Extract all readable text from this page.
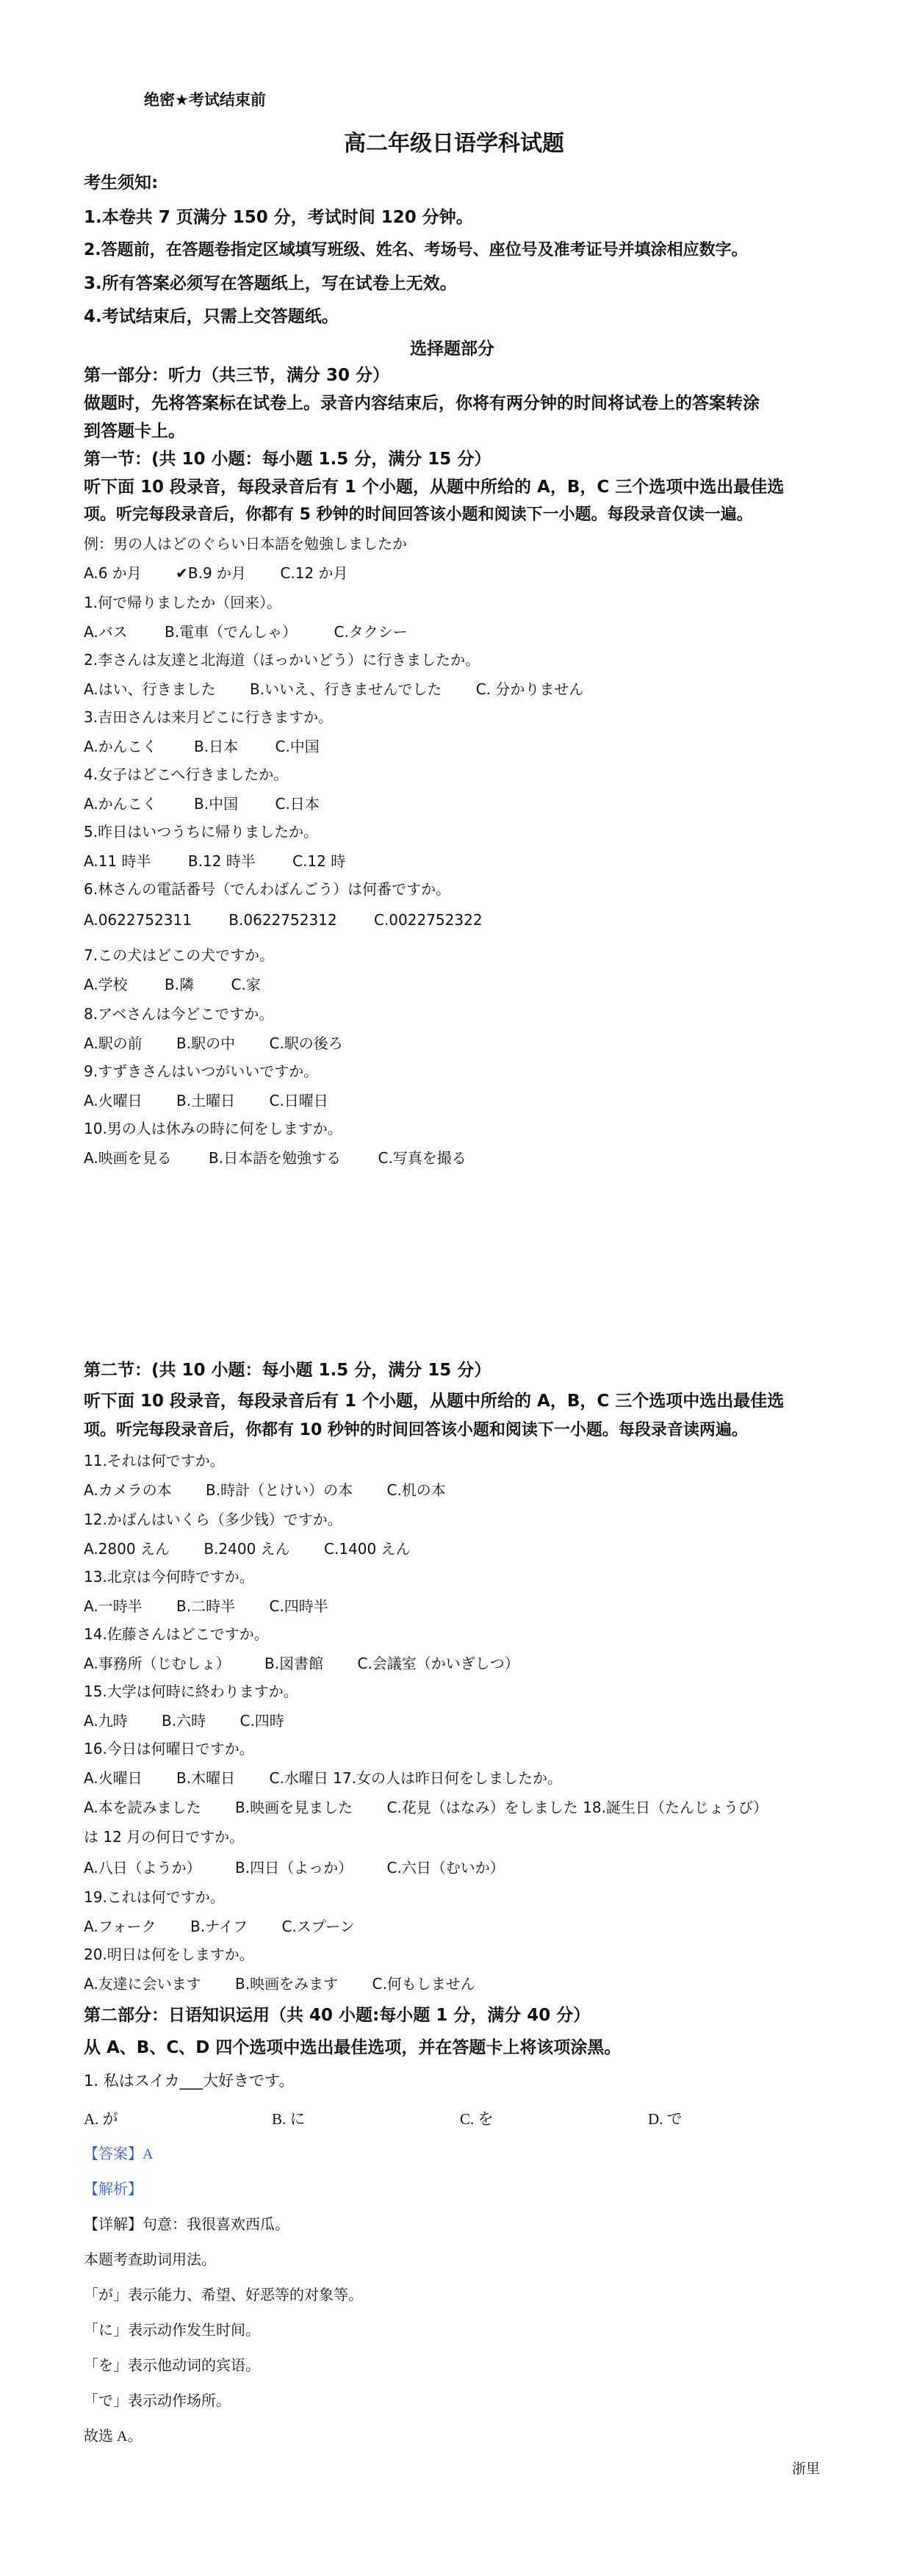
绝密★考试结束前
高二年级日语学科试题
考生须知:
1.本卷共 7 页满分 150 分，考试时间 120 分钟。
2.答题前，在答题卷指定区域填写班级、姓名、考场号、座位号及准考证号并填涂相应数字。
3.所有答案必须写在答题纸上，写在试卷上无效。
4.考试结束后，只需上交答题纸。
选择题部分
第一部分：听力（共三节，满分 30 分）
做题时，先将答案标在试卷上。录音内容结束后，你将有两分钟的时间将试卷上的答案转涂
到答题卡上。
第一节：(共 10 小题：每小题 1.5 分，满分 15 分）
听下面 10 段录音，每段录音后有 1 个小题，从题中所给的 A，B，C 三个选项中选出最佳选
项。听完每段录音后，你都有 5 秒钟的时间回答该小题和阅读下一小题。每段录音仅读一遍。
例：男の人はどのぐらい日本語を勉強しましたか
A.6 か月 ✔B.9 か月 C.12 か月
1.何で帰りましたか（回来）。
A.バス	B.電車（でんしゃ）	C.タクシー
2.李さんは友達と北海道（ほっかいどう）に行きましたか。
A.はい、行きました B.いいえ、行きませんでした C. 分かりません
3.吉田さんは来月どこに行きますか。
A.かんこく	B.日本	C.中国
4.女子はどこへ行きましたか。
A.かんこく	B.中国	C.日本
5.昨日はいつうちに帰りましたか。
A.11 時半	B.12 時半	C.12 時
6.林さんの電話番号（でんわばんごう）は何番ですか。
A.0622752311	B.0622752312	C.0022752322
7.この犬はどこの犬ですか。
A.学校	B.隣	C.家
8.アベさんは今どこですか。
A.駅の前 B.駅の中 C.駅の後ろ
9.すずきさんはいつがいいですか。
A.火曜日 B.土曜日 C.日曜日
10.男の人は休みの時に何をしますか。
A.映画を見る	B.日本語を勉強する	C.写真を撮る
第二节：(共 10 小题：每小题 1.5 分，满分 15 分）
听下面 10 段录音，每段录音后有 1 个小题，从题中所给的 A，B，C 三个选项中选出最佳选
项。听完每段录音后，你都有 10 秒钟的时间回答该小题和阅读下一小题。每段录音读两遍。
11.それは何ですか。
A.カメラの本 B.時計（とけい）の本 C.机の本
12.かばんはいくら（多少钱）ですか。
A.2800 えん B.2400 えん C.1400 えん
13.北京は今何時ですか。
A.一時半 B.二時半 C.四時半
14.佐藤さんはどこですか。
A.事務所（じむしょ） B.図書館 C.会議室（かいぎしつ）
15.大学は何時に終わりますか。
A.九時 B.六時 C.四時
16.今日は何曜日ですか。
A.火曜日 B.木曜日 C.水曜日 17.女の人は昨日何をしましたか。
A.本を読みました B.映画を見ました C.花見（はなみ）をしました 18.誕生日（たんじょうび）
は 12 月の何日ですか。
A.八日（ようか） B.四日（よっか） C.六日（むいか）
19.これは何ですか。
A.フォーク B.ナイフ C.スプーン
20.明日は何をしますか。
A.友達に会います B.映画をみます C.何もしません
第二部分：日语知识运用（共 40 小题:每小题 1 分，满分 40 分）
从 A、B、C、D 四个选项中选出最佳选项，并在答题卡上将该项涂黑。
1. 私はスイカ___大好きです。
A. が	B. に	C. を	D. で
【答案】A
【解析】
【详解】句意：我很喜欢西瓜。
本题考查助词用法。
「が」表示能力、希望、好恶等的对象等。
「に」表示动作发生时间。
「を」表示他动词的宾语。
「で」表示动作场所。
故选 A。
浙里
